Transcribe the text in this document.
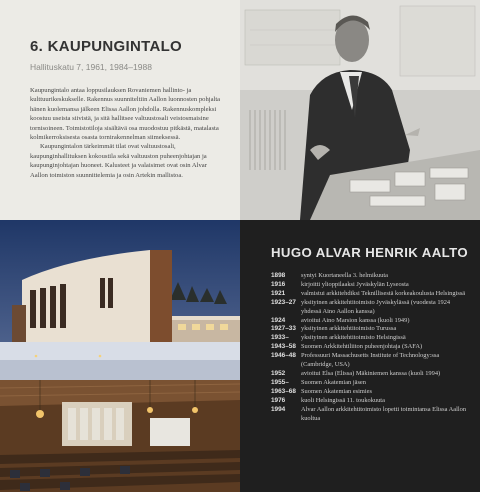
6. KAUPUNGINTALO
Hallituskatu 7, 1961, 1984–1988

Kaupungintalo antaa loppusilauksen Rovaniemen hallinto- ja kulttuurikeskukselle. Rakennus suunniteltiin Aallon luonnosten pohjalta hänen kuolemansa jälkeen Elissa Aallon johdolla. Rakennuskompleksi koostuu useista siivistä, ja sitä hallitsee valtuustosali veistosmaisine tornisoineen. Toimistotiloja sisältävä osa muodostuu pitkästä, matalasta kolmikerroksisesta osasta tornirakennelman siimeksessä.

Kaupungintalon tärkeimmät tilat ovat valtuustosali, kaupunginhallituksen kokoustila sekä valtuuston puheenjohtajan ja kaupunginjohtajan huoneet. Kalusteet ja valaisimet ovat osin Alvar Aallon toimiston suunnittelemia ja osin Artekin mallistoa.

HUGO ALVAR HENRIK AALTO
1898	syntyi Kuortaneella 3. helmikuuta
1916	kirjoitti ylioppilaaksi Jyväskylän Lyseosta
1921	valmistui arkkitehdiksi Teknillisestä korkeakoulusta Helsingissä
1923–27 yksityinen arkkitehtitoimisto Jyväskylässä (vuodesta 1924 yhdessä Aino Aallon kanssa)
1924	avioitui Aino Marsion kanssa (kuoli 1949)
1927–33 yksityinen arkkitehtitoimisto Turussa
1933–	yksityinen arkkitehtitoimisto Helsingissä
1943–58 Suomen Arkkitehtiliiton puheenjohtaja (SAFA)
1946–48 Professuuri Massachusetts Institute of Technology:ssa (Cambridge, USA)
1952	avioitui Elsa (Elissa) Mäkiniemen kanssa (kuoli 1994)
1955–	Suomen Akatemian jäsen
1963–68 Suomen Akatemian esimies
1976	kuoli Helsingissä 11. toukokuuta
1994	Alvar Aallon arkkitehtitoimisto lopetti toimintansa Elissa Aallon kuoltua
